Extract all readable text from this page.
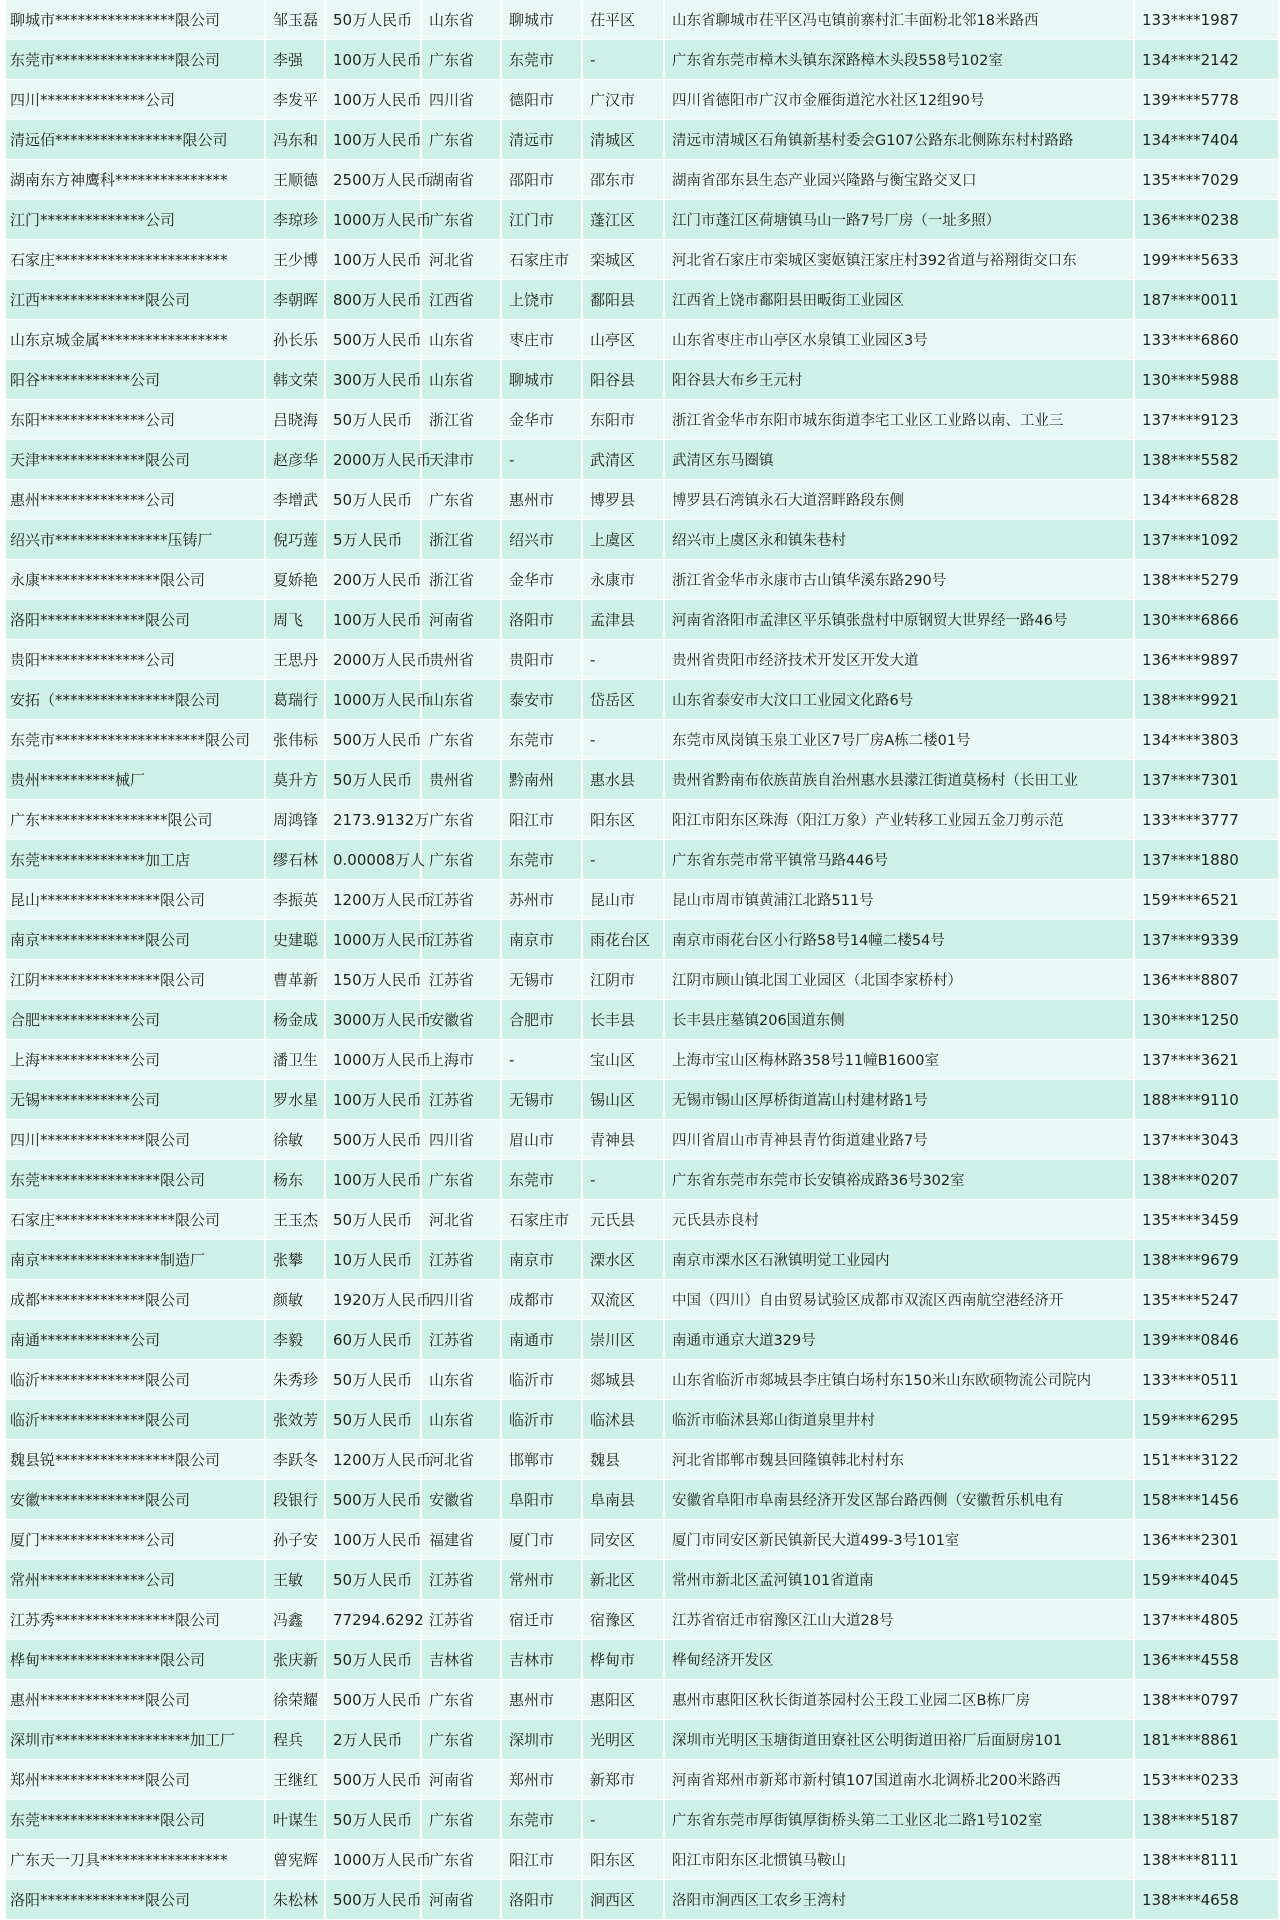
聊城市****************限公司	邹玉磊	50万人民币	山东省	聊城市	茌平区	山东省聊城市茌平区冯屯镇前寨村汇丰面粉北邻18米路西	133****1987
东莞市****************限公司	李强	100万人民币	广东省	东莞市	-	广东省东莞市樟木头镇东深路樟木头段558号102室	134****2142
四川**************公司	李发平	100万人民币	四川省	德阳市	广汉市	四川省德阳市广汉市金雁街道沱水社区12组90号	139****5778
清远佰*****************限公司	冯东和	100万人民币	广东省	清远市	清城区	清远市清城区石角镇新基村委会G107公路东北侧陈东村村路路	134****7404
湖南东方神鹰科***************	王顺德	2500万人民币	湖南省	邵阳市	邵东市	湖南省邵东县生态产业园兴隆路与衡宝路交叉口	135****7029
江门**************公司	李琼珍	1000万人民币	广东省	江门市	蓬江区	江门市蓬江区荷塘镇马山一路7号厂房（一址多照）	136****0238
石家庄***********************	王少博	100万人民币	河北省	石家庄市	栾城区	河北省石家庄市栾城区窦妪镇汪家庄村392省道与裕翔街交口东	199****5633
江西**************限公司	李朝晖	800万人民币	江西省	上饶市	鄱阳县	江西省上饶市鄱阳县田畈街工业园区	187****0011
山东京城金属*****************	孙长乐	500万人民币	山东省	枣庄市	山亭区	山东省枣庄市山亭区水泉镇工业园区3号	133****6860
阳谷************公司	韩文荣	300万人民币	山东省	聊城市	阳谷县	阳谷县大布乡王元村	130****5988
东阳**************公司	吕晓海	50万人民币	浙江省	金华市	东阳市	浙江省金华市东阳市城东街道李宅工业区工业路以南、工业三	137****9123
天津**************限公司	赵彦华	2000万人民币	天津市	-	武清区	武清区东马圈镇	138****5582
惠州**************公司	李增武	50万人民币	广东省	惠州市	博罗县	博罗县石湾镇永石大道滘畔路段东侧	134****6828
绍兴市***************压铸厂	倪巧莲	5万人民币	浙江省	绍兴市	上虞区	绍兴市上虞区永和镇朱巷村	137****1092
永康****************限公司	夏娇艳	200万人民币	浙江省	金华市	永康市	浙江省金华市永康市古山镇华溪东路290号	138****5279
洛阳**************限公司	周飞	100万人民币	河南省	洛阳市	孟津县	河南省洛阳市孟津区平乐镇张盘村中原钢贸大世界经一路46号	130****6866
贵阳**************公司	王思丹	2000万人民币	贵州省	贵阳市	-	贵州省贵阳市经济技术开发区开发大道	136****9897
安拓（****************限公司	葛瑞行	1000万人民币	山东省	泰安市	岱岳区	山东省泰安市大汶口工业园文化路6号	138****9921
东莞市********************限公司	张伟标	500万人民币	广东省	东莞市	-	东莞市凤岗镇玉泉工业区7号厂房A栋二楼01号	134****3803
贵州**********械厂	莫升方	50万人民币	贵州省	黔南州	惠水县	贵州省黔南布依族苗族自治州惠水县濛江街道莫杨村（长田工业	137****7301
广东*****************限公司	周鸿锋	2173.9132万	广东省	阳江市	阳东区	阳江市阳东区珠海（阳江万象）产业转移工业园五金刀剪示范	133****3777
东莞**************加工店	缪石林	0.00008万人	广东省	东莞市	-	广东省东莞市常平镇常马路446号	137****1880
昆山****************限公司	李振英	1200万人民币	江苏省	苏州市	昆山市	昆山市周市镇黄浦江北路511号	159****6521
南京**************限公司	史建聪	1000万人民币	江苏省	南京市	雨花台区	南京市雨花台区小行路58号14幢二楼54号	137****9339
江阴****************限公司	曹革新	150万人民币	江苏省	无锡市	江阴市	江阴市顾山镇北国工业园区（北国李家桥村）	136****8807
合肥************公司	杨金成	3000万人民币	安徽省	合肥市	长丰县	长丰县庄墓镇206国道东侧	130****1250
上海************公司	潘卫生	1000万人民币	上海市	-	宝山区	上海市宝山区梅林路358号11幢B1600室	137****3621
无锡************公司	罗水星	100万人民币	江苏省	无锡市	锡山区	无锡市锡山区厚桥街道嵩山村建材路1号	188****9110
四川**************限公司	徐敏	500万人民币	四川省	眉山市	青神县	四川省眉山市青神县青竹街道建业路7号	137****3043
东莞****************限公司	杨东	100万人民币	广东省	东莞市	-	广东省东莞市东莞市长安镇裕成路36号302室	138****0207
石家庄****************限公司	王玉杰	50万人民币	河北省	石家庄市	元氏县	元氏县赤良村	135****3459
南京****************制造厂	张攀	10万人民币	江苏省	南京市	溧水区	南京市溧水区石湫镇明觉工业园内	138****9679
成都**************限公司	颜敏	1920万人民币	四川省	成都市	双流区	中国（四川）自由贸易试验区成都市双流区西南航空港经济开	135****5247
南通************公司	李毅	60万人民币	江苏省	南通市	崇川区	南通市通京大道329号	139****0846
临沂**************限公司	朱秀珍	50万人民币	山东省	临沂市	郯城县	山东省临沂市郯城县李庄镇白场村东150米山东欧硕物流公司院内	133****0511
临沂**************限公司	张效芳	50万人民币	山东省	临沂市	临沭县	临沂市临沭县郑山街道泉里井村	159****6295
魏县锐****************限公司	李跃冬	1200万人民币	河北省	邯郸市	魏县	河北省邯郸市魏县回隆镇韩北村村东	151****3122
安徽**************限公司	段银行	500万人民币	安徽省	阜阳市	阜南县	安徽省阜阳市阜南县经济开发区郜台路西侧（安徽哲乐机电有	158****1456
厦门**************公司	孙子安	100万人民币	福建省	厦门市	同安区	厦门市同安区新民镇新民大道499-3号101室	136****2301
常州**************公司	王敏	50万人民币	江苏省	常州市	新北区	常州市新北区孟河镇101省道南	159****4045
江苏秀****************限公司	冯鑫	77294.6292	江苏省	宿迁市	宿豫区	江苏省宿迁市宿豫区江山大道28号	137****4805
桦甸****************限公司	张庆新	50万人民币	吉林省	吉林市	桦甸市	桦甸经济开发区	136****4558
惠州**************限公司	徐荣耀	500万人民币	广东省	惠州市	惠阳区	惠州市惠阳区秋长街道茶园村公王段工业园二区B栋厂房	138****0797
深圳市******************加工厂	程兵	2万人民币	广东省	深圳市	光明区	深圳市光明区玉塘街道田寮社区公明街道田裕厂后面厨房101	181****8861
郑州**************限公司	王继红	500万人民币	河南省	郑州市	新郑市	河南省郑州市新郑市新村镇107国道南水北调桥北200米路西	153****0233
东莞****************限公司	叶谋生	50万人民币	广东省	东莞市	-	广东省东莞市厚街镇厚街桥头第二工业区北二路1号102室	138****5187
广东天一刀具*****************	曾宪辉	1000万人民币	广东省	阳江市	阳东区	阳江市阳东区北惯镇马鞍山	138****8111
洛阳**************限公司	朱松林	500万人民币	河南省	洛阳市	涧西区	洛阳市涧西区工农乡王湾村	138****4658
